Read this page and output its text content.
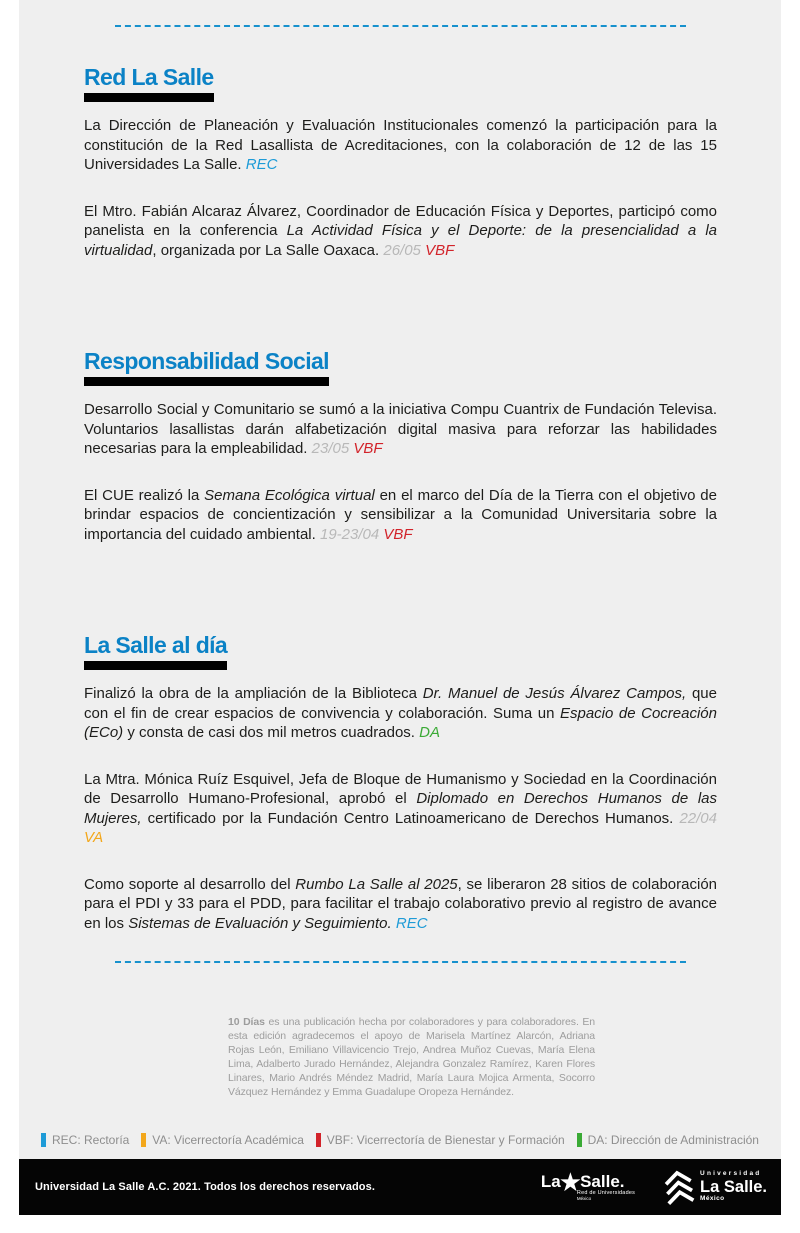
Red La Salle

La Dirección de Planeación y Evaluación Institucionales comenzó la participación para la constitución de la Red Lasallista de Acreditaciones, con la colaboración de 12 de las 15 Universidades La Salle. REC

El Mtro. Fabián Alcaraz Álvarez, Coordinador de Educación Física y Deportes, participó como panelista en la conferencia La Actividad Física y el Deporte: de la presencialidad a la virtualidad, organizada por La Salle Oaxaca. 26/05 VBF

Responsabilidad Social

Desarrollo Social y Comunitario se sumó a la iniciativa Compu Cuantrix de Fundación Televisa. Voluntarios lasallistas darán alfabetización digital masiva para reforzar las habilidades necesarias para la empleabilidad. 23/05 VBF

El CUE realizó la Semana Ecológica virtual en el marco del Día de la Tierra con el objetivo de brindar espacios de concientización y sensibilizar a la Comunidad Universitaria sobre la importancia del cuidado ambiental. 19-23/04 VBF

La Salle al día

Finalizó la obra de la ampliación de la Biblioteca Dr. Manuel de Jesús Álvarez Campos, que con el fin de crear espacios de convivencia y colaboración. Suma un Espacio de Cocreación (ECo) y consta de casi dos mil metros cuadrados. DA

La Mtra. Mónica Ruíz Esquivel, Jefa de Bloque de Humanismo y Sociedad en la Coordinación de Desarrollo Humano-Profesional, aprobó el Diplomado en Derechos Humanos de las Mujeres, certificado por la Fundación Centro Latinoamericano de Derechos Humanos. 22/04 VA

Como soporte al desarrollo del Rumbo La Salle al 2025, se liberaron 28 sitios de colaboración para el PDI y 33 para el PDD, para facilitar el trabajo colaborativo previo al registro de avance en los Sistemas de Evaluación y Seguimiento. REC

10 Días es una publicación hecha por colaboradores y para colaboradores. En esta edición agradecemos el apoyo de Marisela Martínez Alarcón, Adriana Rojas León, Emiliano Villavicencio Trejo, Andrea Muñoz Cuevas, María Elena Lima, Adalberto Jurado Hernández, Alejandra Gonzalez Ramírez, Karen Flores Linares, Mario Andrés Méndez Madrid, María Laura Mojica Armenta, Socorro Vázquez Hernández y Emma Guadalupe Oropeza Hernández.

REC: Rectoría VA: Vicerrectoría Académica VBF: Vicerrectoría de Bienestar y Formación DA: Dirección de Administración
Universidad La Salle A.C. 2021. Todos los derechos reservados.	La
★
Salle.
Red de Universidades
México
Universidad
La Salle.
México
